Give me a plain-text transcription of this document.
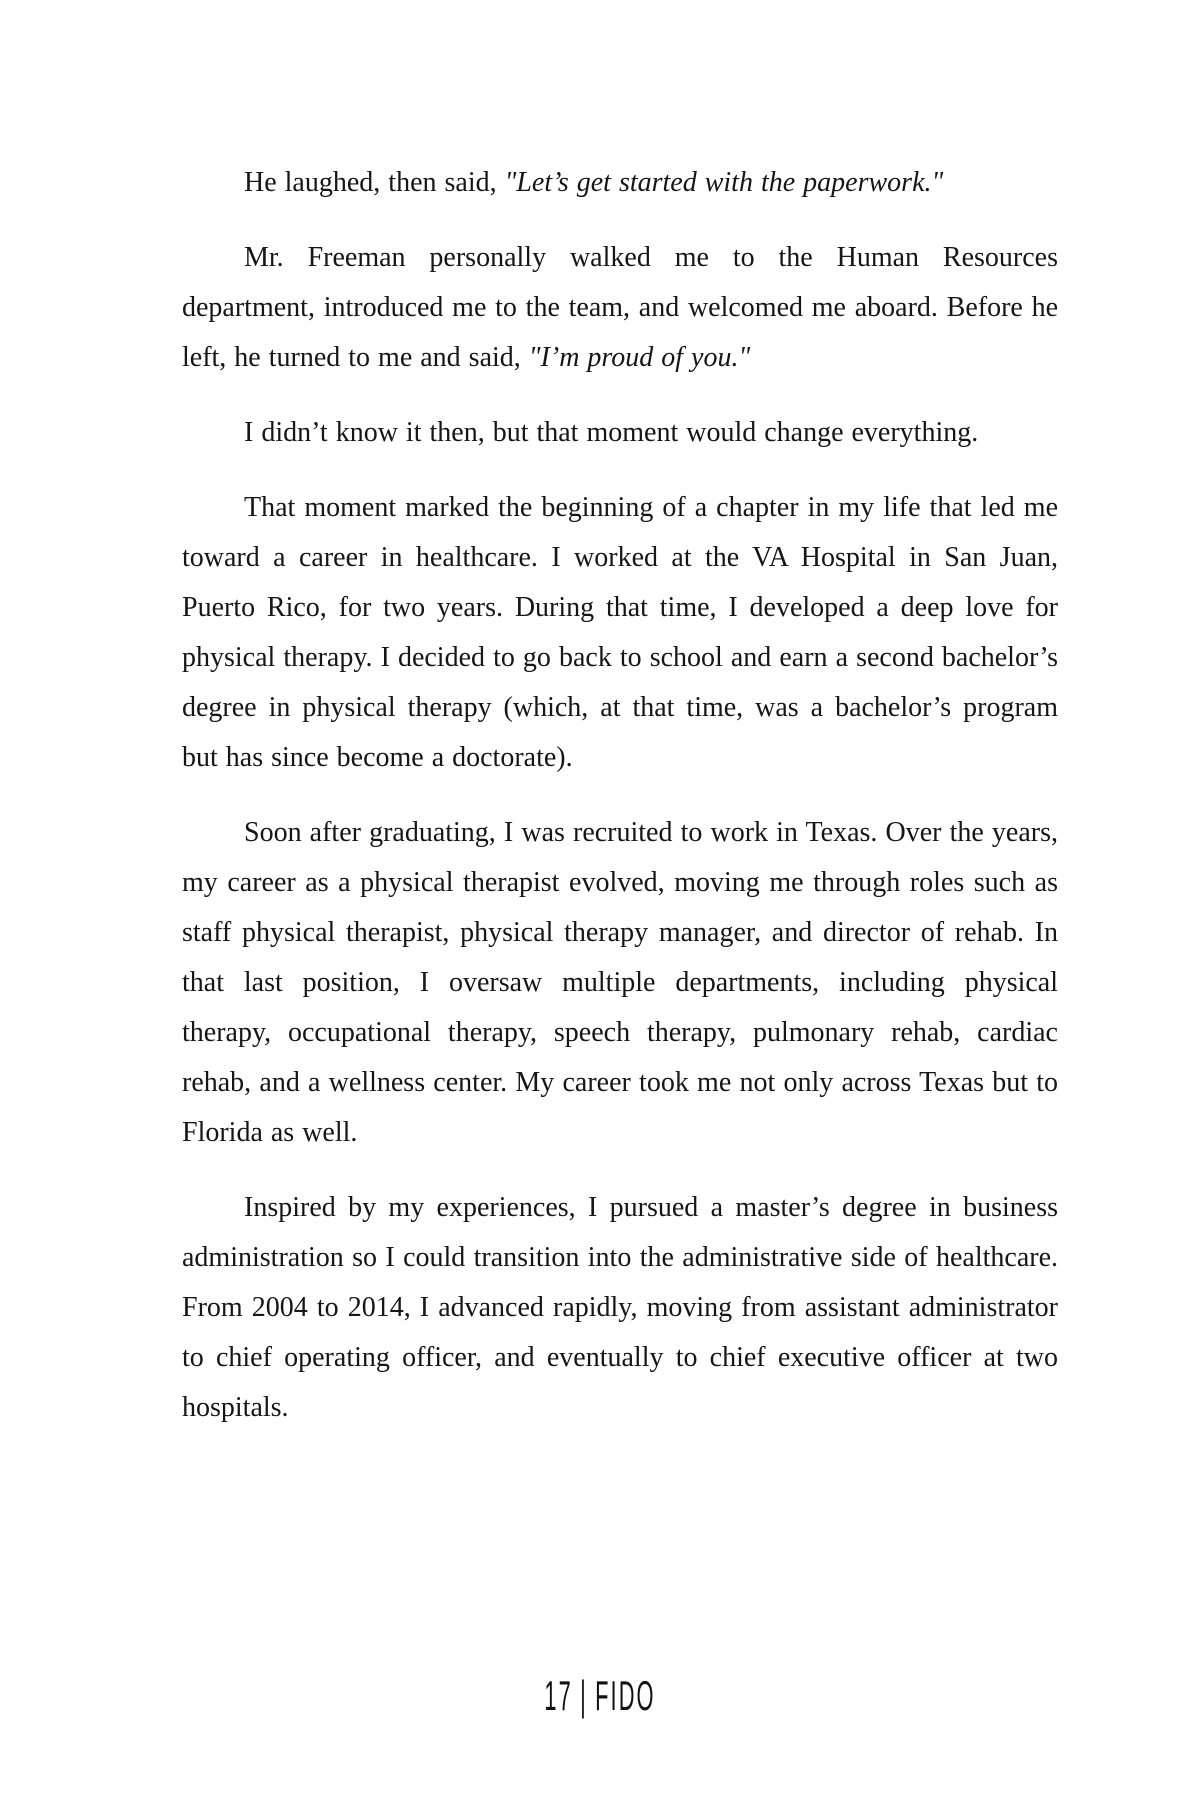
He laughed, then said, "Let’s get started with the paperwork."

Mr. Freeman personally walked me to the Human Resources department, introduced me to the team, and welcomed me aboard. Before he left, he turned to me and said, "I’m proud of you."

I didn’t know it then, but that moment would change everything.

That moment marked the beginning of a chapter in my life that led me toward a career in healthcare. I worked at the VA Hospital in San Juan, Puerto Rico, for two years. During that time, I developed a deep love for physical therapy. I decided to go back to school and earn a second bachelor’s degree in physical therapy (which, at that time, was a bachelor’s program but has since become a doctorate).

Soon after graduating, I was recruited to work in Texas. Over the years, my career as a physical therapist evolved, moving me through roles such as staff physical therapist, physical therapy manager, and director of rehab. In that last position, I oversaw multiple departments, including physical therapy, occupational therapy, speech therapy, pulmonary rehab, cardiac rehab, and a wellness center. My career took me not only across Texas but to Florida as well.

Inspired by my experiences, I pursued a master’s degree in business administration so I could transition into the administrative side of healthcare. From 2004 to 2014, I advanced rapidly, moving from assistant administrator to chief operating officer, and eventually to chief executive officer at two hospitals.

17 | FIDO
